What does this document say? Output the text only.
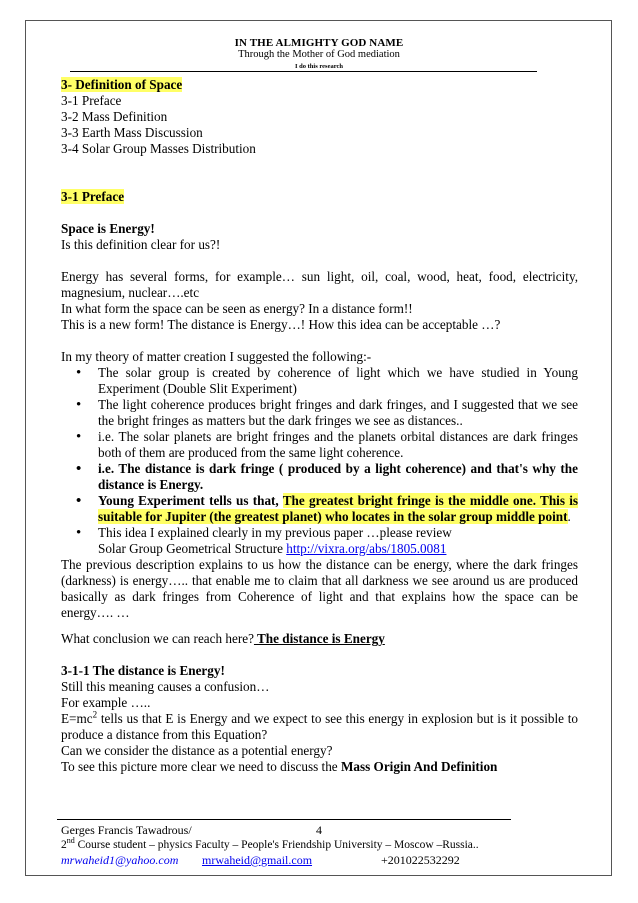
IN THE ALMIGHTY GOD NAME
Through the Mother of God mediation
I do this research
3- Definition of Space
3-1 Preface
3-2 Mass Definition
3-3 Earth Mass Discussion
3-4 Solar Group Masses Distribution
3-1 Preface
Space is Energy!
Is this definition clear for us?!
Energy has several forms, for example… sun light, oil, coal, wood, heat, food, electricity, magnesium, nuclear….etc
In what form the space can be seen as energy? In a distance form!!
This is a new form! The distance is Energy…! How this idea can be acceptable …?
In my theory of matter creation I suggested the following:-
• The solar group is created by coherence of light which we have studied in Young Experiment (Double Slit Experiment)
• The light coherence produces bright fringes and dark fringes, and I suggested that we see the bright fringes as matters but the dark fringes we see as distances..
• i.e. The solar planets are bright fringes and the planets orbital distances are dark fringes both of them are produced from the same light coherence.
• i.e. The distance is dark fringe ( produced by a light coherence) and that's why the distance is Energy.
• Young Experiment tells us that, The greatest bright fringe is the middle one. This is suitable for Jupiter (the greatest planet) who locates in the solar group middle point.
• This idea I explained clearly in my previous paper …please review
Solar Group Geometrical Structure http://vixra.org/abs/1805.0081
The previous description explains to us how the distance can be energy, where the dark fringes (darkness) is energy….. that enable me to claim that all darkness we see around us are produced basically as dark fringes from Coherence of light and that explains how the space can be energy…. …
What conclusion we can reach here? The distance is Energy
3-1-1 The distance is Energy!
Still this meaning causes a confusion…
For example …..
$E=mc^2$ tells us that E is Energy and we expect to see this energy in explosion but is it possible to produce a distance from this Equation?
Can we consider the distance as a potential energy?
To see this picture more clear we need to discuss the Mass Origin And Definition
Gerges Francis Tawadrous/	4
2nd Course student – physics Faculty – People's Friendship University – Moscow –Russia..
mrwaheid1@yahoo.com mrwaheid@gmail.com	+201022532292
